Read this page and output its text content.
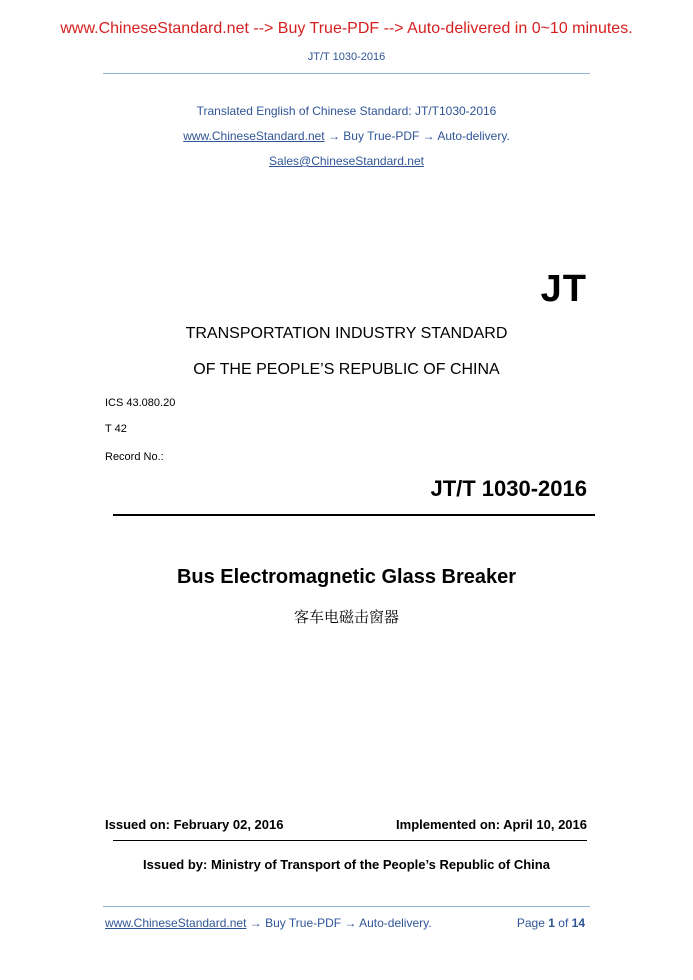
www.ChineseStandard.net --> Buy True-PDF --> Auto-delivered in 0~10 minutes.
JT/T 1030-2016
Translated English of Chinese Standard: JT/T1030-2016
www.ChineseStandard.net → Buy True-PDF → Auto-delivery.
Sales@ChineseStandard.net
JT
TRANSPORTATION INDUSTRY STANDARD
OF THE PEOPLE’S REPUBLIC OF CHINA
ICS 43.080.20
T 42
Record No.:
JT/T 1030-2016
Bus Electromagnetic Glass Breaker
客车电磁击窗器
Issued on: February 02, 2016	Implemented on: April 10, 2016
Issued by: Ministry of Transport of the People’s Republic of China
www.ChineseStandard.net → Buy True-PDF → Auto-delivery.	Page 1 of 14
